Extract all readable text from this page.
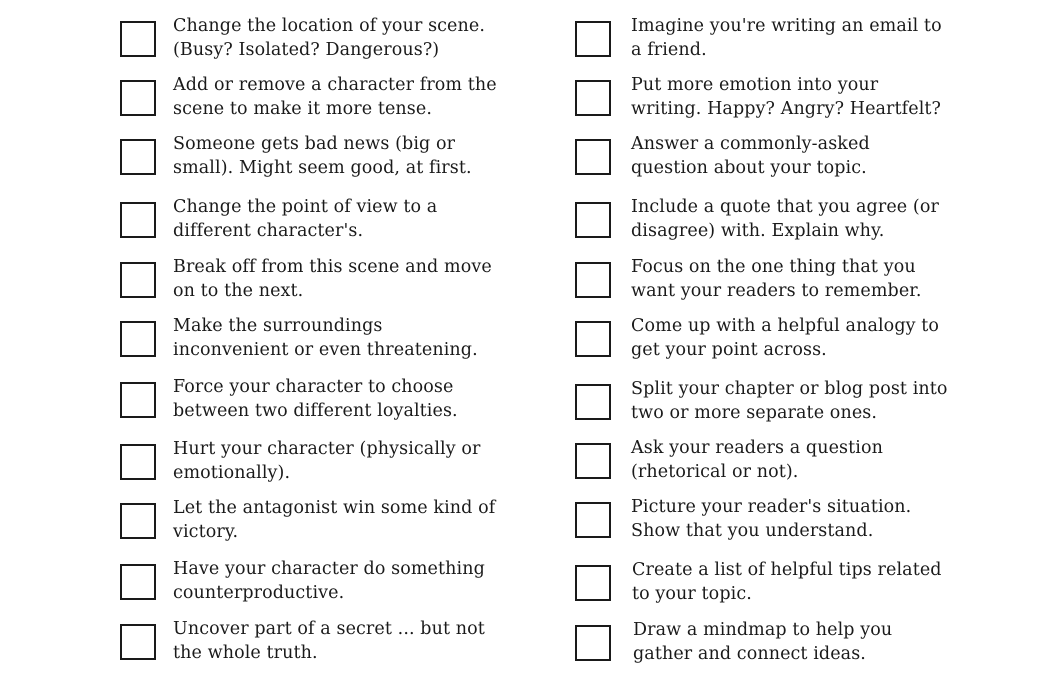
Change the location of your scene.
(Busy? Isolated? Dangerous?)
Add or remove a character from the
scene to make it more tense.
Someone gets bad news (big or
small). Might seem good, at first.
Change the point of view to a
different character's.
Break off from this scene and move
on to the next.
Make the surroundings
inconvenient or even threatening.
Force your character to choose
between two different loyalties.
Hurt your character (physically or
emotionally).
Let the antagonist win some kind of
victory.
Have your character do something
counterproductive.
Uncover part of a secret ... but not
the whole truth.
Imagine you're writing an email to
a friend.
Put more emotion into your
writing. Happy? Angry? Heartfelt?
Answer a commonly-asked
question about your topic.
Include a quote that you agree (or
disagree) with. Explain why.
Focus on the one thing that you
want your readers to remember.
Come up with a helpful analogy to
get your point across.
Split your chapter or blog post into
two or more separate ones.
Ask your readers a question
(rhetorical or not).
Picture your reader's situation.
Show that you understand.
Create a list of helpful tips related
to your topic.
Draw a mindmap to help you
gather and connect ideas.
